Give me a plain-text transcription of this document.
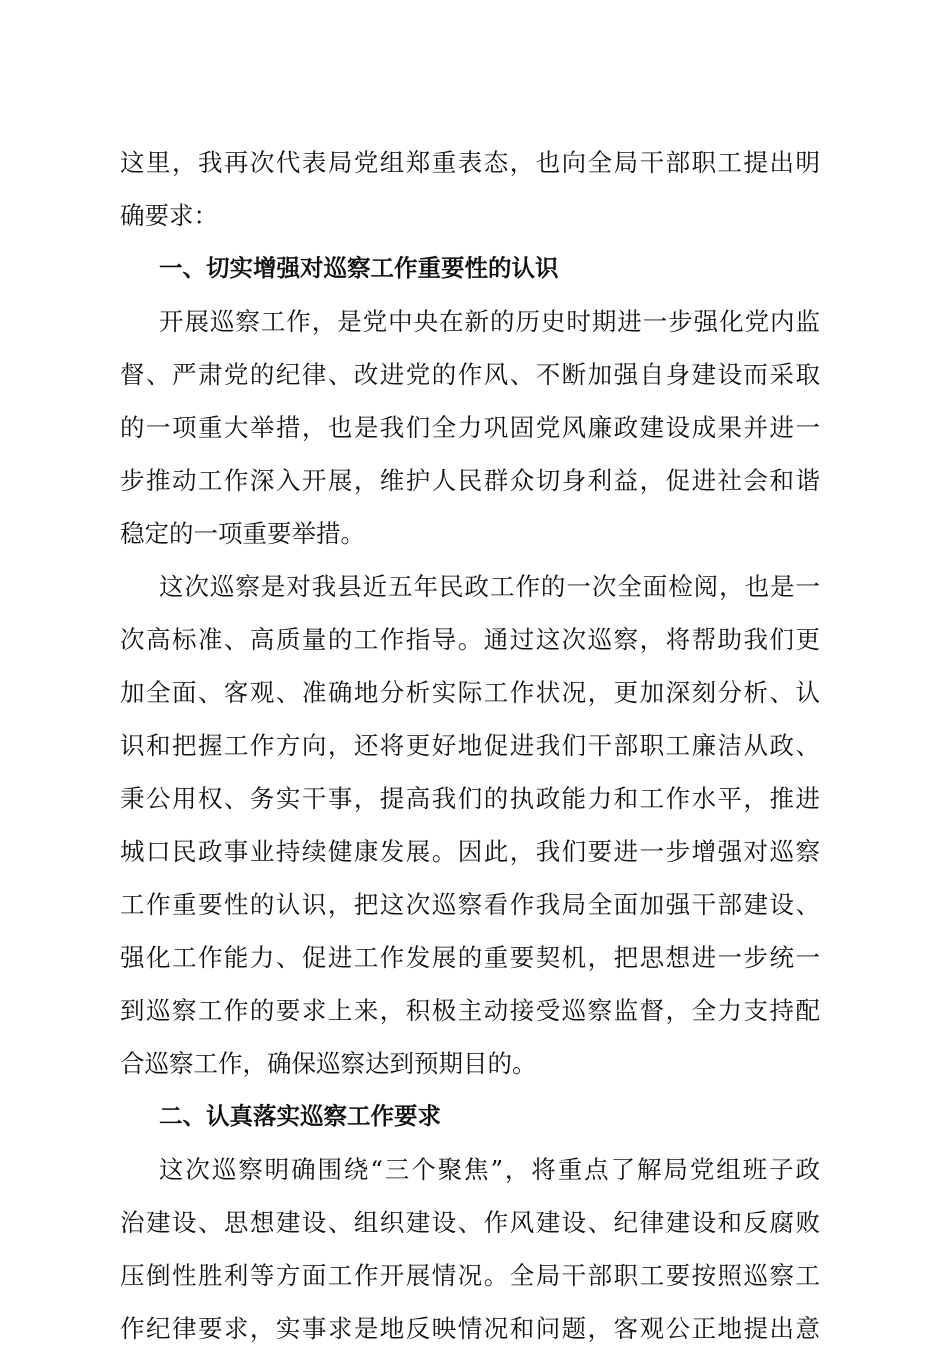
这里，我再次代表局党组郑重表态，也向全局干部职工提出明
确要求：
一、切实增强对巡察工作重要性的认识
开展巡察工作，是党中央在新的历史时期进一步强化党内监
督、严肃党的纪律、改进党的作风、不断加强自身建设而采取
的一项重大举措，也是我们全力巩固党风廉政建设成果并进一
步推动工作深入开展，维护人民群众切身利益，促进社会和谐
稳定的一项重要举措。
这次巡察是对我县近五年民政工作的一次全面检阅，也是一
次高标准、高质量的工作指导。通过这次巡察，将帮助我们更
加全面、客观、准确地分析实际工作状况，更加深刻分析、认
识和把握工作方向，还将更好地促进我们干部职工廉洁从政、
秉公用权、务实干事，提高我们的执政能力和工作水平，推进
城口民政事业持续健康发展。因此，我们要进一步增强对巡察
工作重要性的认识，把这次巡察看作我局全面加强干部建设、
强化工作能力、促进工作发展的重要契机，把思想进一步统一
到巡察工作的要求上来，积极主动接受巡察监督，全力支持配
合巡察工作，确保巡察达到预期目的。
二、认真落实巡察工作要求
这次巡察明确围绕“三个聚焦”，将重点了解局党组班子政
治建设、思想建设、组织建设、作风建设、纪律建设和反腐败
压倒性胜利等方面工作开展情况。全局干部职工要按照巡察工
作纪律要求，实事求是地反映情况和问题，客观公正地提出意
